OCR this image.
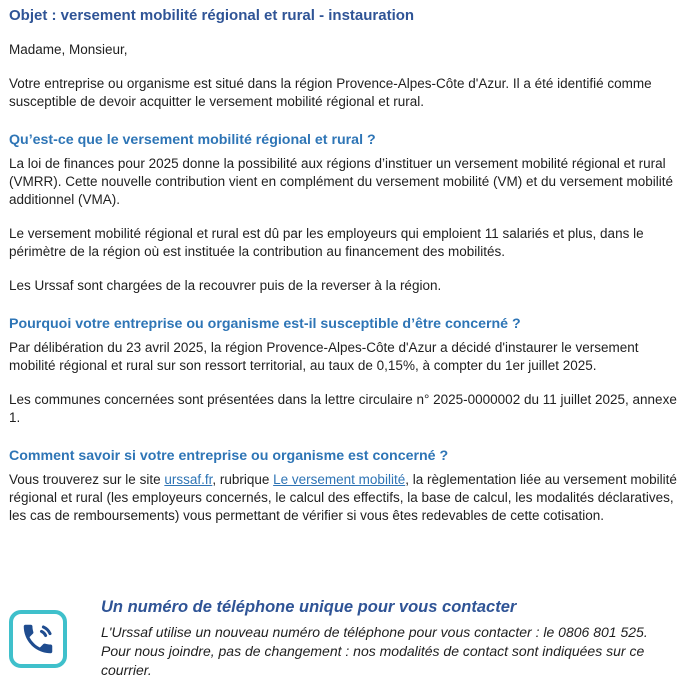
Objet : versement mobilité régional et rural - instauration

Madame, Monsieur,

Votre entreprise ou organisme est situé dans la région Provence-Alpes-Côte d'Azur. Il a été identifié comme susceptible de devoir acquitter le versement mobilité régional et rural.

Qu’est-ce que le versement mobilité régional et rural ?

La loi de finances pour 2025 donne la possibilité aux régions d’instituer un versement mobilité régional et rural (VMRR). Cette nouvelle contribution vient en complément du versement mobilité (VM) et du versement mobilité additionnel (VMA).

Le versement mobilité régional et rural est dû par les employeurs qui emploient 11 salariés et plus, dans le périmètre de la région où est instituée la contribution au financement des mobilités.

Les Urssaf sont chargées de la recouvrer puis de la reverser à la région.

Pourquoi votre entreprise ou organisme est-il susceptible d’être concerné ?

Par délibération du 23 avril 2025, la région Provence-Alpes-Côte d'Azur a décidé d'instaurer le versement mobilité régional et rural sur son ressort territorial, au taux de 0,15%, à compter du 1er juillet 2025.

Les communes concernées sont présentées dans la lettre circulaire n° 2025-0000002 du 11 juillet 2025, annexe 1.

Comment savoir si votre entreprise ou organisme est concerné ?

Vous trouverez sur le site urssaf.fr, rubrique Le versement mobilité, la règlementation liée au versement mobilité régional et rural (les employeurs concernés, le calcul des effectifs, la base de calcul, les modalités déclaratives, les cas de remboursements) vous permettant de vérifier si vous êtes redevables de cette cotisation.

Un numéro de téléphone unique pour vous contacter
L'Urssaf utilise un nouveau numéro de téléphone pour vous contacter : le 0806 801 525.
Pour nous joindre, pas de changement : nos modalités de contact sont indiquées sur ce courrier.
